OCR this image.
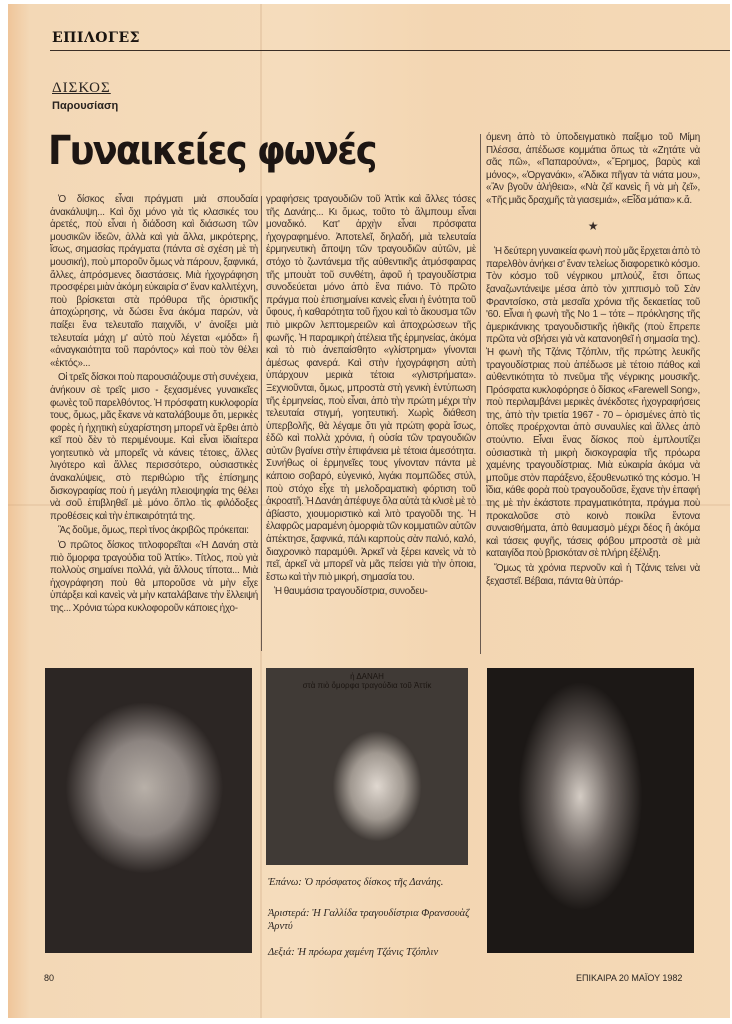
ΕΠΙΛΟΓΕΣ
ΔΙΣΚΟΣ
Παρουσίαση
Γυναικείες φωνές

Ὁ δίσκος εἶναι πράγματι μιὰ σπουδαία ἀνακάλυψη... Καὶ ὄχι μόνο γιὰ τὶς κλασικές του ἀρετές, ποὺ εἶναι ἡ διάδοση καὶ διάσωση τῶν μουσικῶν ἰδεῶν, ἀλλὰ καὶ γιὰ ἄλλα, μικρότερης, ἴσως, σημασίας πράγματα (πάντα σὲ σχέση μὲ τὴ μουσική), ποὺ μποροῦν ὅμως νὰ πάρουν, ξαφνικά, ἄλλες, ἀπρόσμενες διαστάσεις. Μιὰ ἠχογράφηση προσφέρει μιὰν ἀκόμη εὐκαιρία σ' ἕναν καλλιτέχνη, ποὺ βρίσκεται στὰ πρόθυρα τῆς ὁριστικῆς ἀποχώρησης, νὰ δώσει ἕνα ἀκόμα παρών, νὰ παίξει ἕνα τελευταῖο παιχνίδι, ν' ἀνοίξει μιὰ τελευταία μάχη μ' αὐτὸ ποὺ λέγεται «μόδα» ἢ «ἀναγκαιότητα τοῦ παρόντος» καὶ ποὺ τὸν θέλει «ἐκτός»...

Οἱ τρεῖς δίσκοι ποὺ παρουσιάζουμε στὴ συνέχεια, ἀνήκουν σὲ τρεῖς μισο - ξεχασμένες γυναικεῖες φωνὲς τοῦ παρελθόντος. Ἡ πρόσφατη κυκλοφορία τους, ὅμως, μᾶς ἔκανε νὰ καταλάβουμε ὅτι, μερικὲς φορὲς ἡ ἠχητικὴ εὐχαρίστηση μπορεῖ νὰ ἔρθει ἀπὸ κεῖ ποὺ δὲν τὸ περιμένουμε. Καὶ εἶναι ἰδιαίτερα γοητευτικὸ νὰ μπορεῖς νὰ κάνεις τέτοιες, ἄλλες λιγότερο καὶ ἄλλες περισσότερο, οὐσιαστικὲς ἀνακαλύψεις, στὸ περιθώριο τῆς ἐπίσημης δισκογραφίας ποὺ ἡ μεγάλη πλειοψηφία της θέλει νὰ σοῦ ἐπιβληθεῖ μὲ μόνο ὅπλο τὶς φιλόδοξες προθέσεις καὶ τὴν ἐπικαιρότητά της.

Ἃς δοῦμε, ὅμως, περὶ τίνος ἀκριβῶς πρόκειται:

Ὁ πρῶτος δίσκος τιτλοφορεῖται «Ἡ Δανάη στὰ πιὸ ὄμορφα τραγούδια τοῦ Ἀττίκ». Τίτλος, ποὺ γιὰ πολλοὺς σημαίνει πολλά, γιὰ ἄλλους τίποτα... Μιὰ ἠχογράφηση ποὺ θὰ μποροῦσε νὰ μὴν εἶχε ὑπάρξει καὶ κανεὶς νὰ μὴν καταλάβαινε τὴν ἔλλειψή της... Χρόνια τώρα κυκλοφοροῦν κάποιες ἠχο-

γραφήσεις τραγουδιῶν τοῦ Ἀττὶκ καὶ ἄλλες τόσες τῆς Δανάης... Κι ὅμως, τοῦτο τὸ ἄλμπουμ εἶναι μοναδικό. Κατ' ἀρχὴν εἶναι πρόσφατα ἠχογραφημένο. Ἀποτελεῖ, δηλαδή, μιὰ τελευταία ἑρμηνευτικὴ ἄποψη τῶν τραγουδιῶν αὐτῶν, μὲ στόχο τὸ ζωντάνεμα τῆς αὐθεντικῆς ἀτμόσφαιρας τῆς μπουὰτ τοῦ συνθέτη, ἀφοῦ ἡ τραγουδίστρια συνοδεύεται μόνο ἀπὸ ἕνα πιάνο. Τὸ πρῶτο πράγμα ποὺ ἐπισημαίνει κανεὶς εἶναι ἡ ἑνότητα τοῦ ὕφους, ἡ καθαρότητα τοῦ ἤχου καὶ τὸ ἄκουσμα τῶν πιὸ μικρῶν λεπτομερειῶν καὶ ἀποχρώσεων τῆς φωνῆς. Ἡ παραμικρὴ ἀτέλεια τῆς ἑρμηνείας, ἀκόμα καὶ τὸ πιὸ ἀνεπαίσθητο «γλίστρημα» γίνονται ἀμέσως φανερά. Καὶ στὴν ἠχογράφηση αὐτὴ ὑπάρχουν μερικὰ τέτοια «γλιστρήματα». Ξεχνιοῦνται, ὅμως, μπροστὰ στὴ γενικὴ ἐντύπωση τῆς ἑρμηνείας, ποὺ εἶναι, ἀπὸ τὴν πρώτη μέχρι τὴν τελευταία στιγμή, γοητευτική. Χωρὶς διάθεση ὑπερβολῆς, θὰ λέγαμε ὅτι γιὰ πρώτη φορὰ ἴσως, ἐδῶ καὶ πολλὰ χρόνια, ἡ οὐσία τῶν τραγουδιῶν αὐτῶν βγαίνει στὴν ἐπιφάνεια μὲ τέτοια ἀμεσότητα. Συνήθως οἱ ἑρμηνεῖες τους γίνονταν πάντα μὲ κάποιο σοβαρό, εὐγενικό, λιγάκι πομπῶδες στύλ, ποὺ στόχο εἶχε τὴ μελοδραματικὴ φόρτιση τοῦ ἀκροατῆ. Ἡ Δανάη ἀπέφυγε ὅλα αὐτὰ τὰ κλισὲ μὲ τὸ ἀβίαστο, χιουμοριστικὸ καὶ λιτὸ τραγοῦδι της. Ἡ ἐλαφρῶς μαραμένη ὀμορφιὰ τῶν κομματιῶν αὐτῶν ἀπέκτησε, ξαφνικά, πάλι καρποὺς σὰν παλιό, καλό, διαχρονικὸ παραμύθι. Ἀρκεῖ νὰ ξέρει κανεὶς νὰ τὸ πεῖ, ἀρκεῖ νὰ μπορεῖ νὰ μᾶς πείσει γιὰ τὴν ὁποια, ἔστω καὶ τὴν πιὸ μικρή, σημασία του.

Ἡ θαυμάσια τραγουδίστρια, συνοδευ-

όμενη ἀπὸ τὸ ὑποδειγματικὸ παίξιμο τοῦ Μίμη Πλέσσα, ἀπέδωσε κομμάτια ὅπως τὰ «Ζητάτε νὰ σᾶς πῶ», «Παπαρούνα», «Ἔρημος, βαρὺς καὶ μόνος», «Ὀργανάκι», «Ἄδικα πῆγαν τὰ νιάτα μου», «Ἂν βγοῦν ἀλήθεια», «Νὰ ζεῖ κανεὶς ἢ νὰ μὴ ζεῖ», «Τῆς μιᾶς δραχμῆς τὰ γιασεμιά», «Εἶδα μάτια» κ.ἄ.

★

Ἡ δεύτερη γυναικεία φωνὴ ποὺ μᾶς ἔρχεται ἀπὸ τὸ παρελθὸν ἀνήκει σ' ἕναν τελείως διαφορετικὸ κόσμο. Τὸν κόσμο τοῦ νέγρικου μπλούζ, ἔτσι ὅπως ξαναζωντάνεψε μέσα ἀπὸ τὸν χιππισμὸ τοῦ Σὰν Φραντσίσκο, στὰ μεσαῖα χρόνια τῆς δεκαετίας τοῦ '60. Εἶναι ἡ φωνὴ τῆς Νο 1 – τότε – πρόκλησης τῆς ἀμερικάνικης τραγουδιστικῆς ἠθικῆς (ποὺ ἔπρεπε πρῶτα νὰ σβήσει γιὰ νὰ κατανοηθεῖ ἡ σημασία της). Ἡ φωνὴ τῆς Τζάνις Τζόπλιν, τῆς πρώτης λευκῆς τραγουδίστριας ποὺ ἀπέδωσε μὲ τέτοιο πάθος καὶ αὐθεντικότητα τὸ πνεῦμα τῆς νέγρικης μουσικῆς. Πρόσφατα κυκλοφόρησε ὁ δίσκος «Farewell Song», ποὺ περιλαμβάνει μερικὲς ἀνέκδοτες ἠχογραφήσεις της, ἀπὸ τὴν τριετία 1967 - 70 – ὁρισμένες ἀπὸ τὶς ὁποῖες προέρχονται ἀπὸ συναυλίες καὶ ἄλλες ἀπὸ στούντιο. Εἶναι ἕνας δίσκος ποὺ ἐμπλουτίζει οὐσιαστικὰ τὴ μικρὴ δισκογραφία τῆς πρόωρα χαμένης τραγουδίστριας. Μιὰ εὐκαιρία ἀκόμα νὰ μποῦμε στὸν παράξενο, ἐξουθενωτικό της κόσμο. Ἡ ἴδια, κάθε φορὰ ποὺ τραγουδοῦσε, ἔχανε τὴν ἐπαφή της μὲ τὴν ἑκάστοτε πραγματικότητα, πράγμα ποὺ προκαλοῦσε στὸ κοινὸ ποικίλα ἔντονα συναισθήματα, ἀπὸ θαυμασμὸ μέχρι δέος ἢ ἀκόμα καὶ τάσεις φυγῆς, τάσεις φόβου μπροστὰ σὲ μιὰ καταιγίδα ποὺ βρισκόταν σὲ πλήρη ἐξέλιξη.

Ὅμως τὰ χρόνια περνοῦν καὶ ἡ Τζάνις τείνει νὰ ξεχαστεῖ. Βέβαια, πάντα θὰ ὑπάρ-

ἡ ΔΑΝΑΗ
στὰ πιὸ ὄμορφα τραγούδια τοῦ Ἀττίκ
Ἐπάνω: Ὁ πρόσφατος δίσκος τῆς Δανάης.
Ἀριστερά: Ἡ Γαλλίδα τραγουδίστρια Φρανσουὰζ Ἀρντύ
Δεξιά: Ἡ πρόωρα χαμένη Τζάνις Τζόπλιν
80	ΕΠΙΚΑΙΡΑ 20 ΜΑΪΟΥ 1982
